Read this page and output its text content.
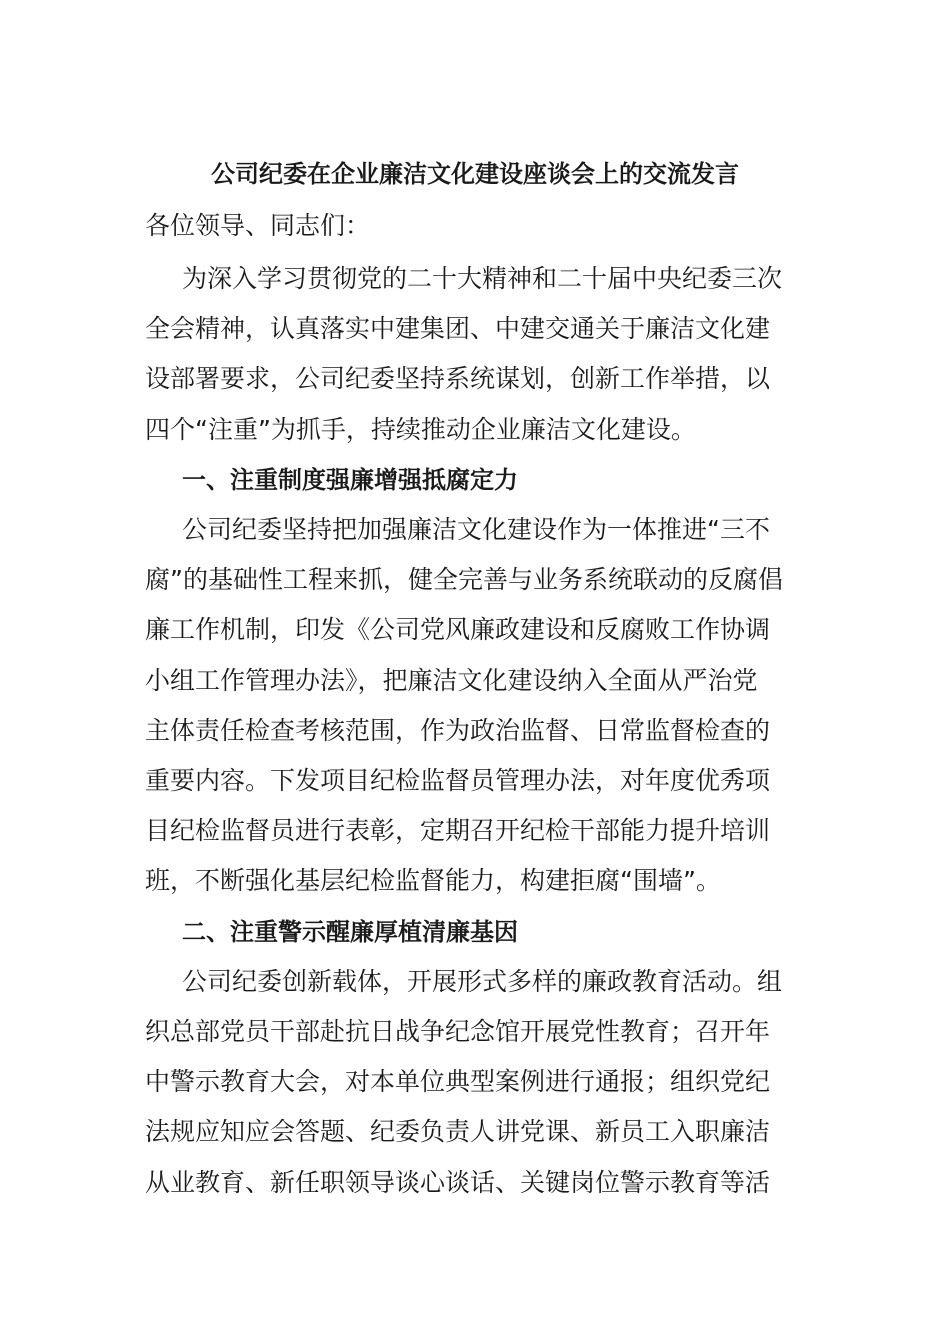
公司纪委在企业廉洁文化建设座谈会上的交流发言

各位领导、同志们：

为深入学习贯彻党的二十大精神和二十届中央纪委三次
全会精神，认真落实中建集团、中建交通关于廉洁文化建
设部署要求，公司纪委坚持系统谋划，创新工作举措，以
四个“注重”为抓手，持续推动企业廉洁文化建设。

一、注重制度强廉增强抵腐定力

公司纪委坚持把加强廉洁文化建设作为一体推进“三不
腐”的基础性工程来抓，健全完善与业务系统联动的反腐倡
廉工作机制，印发《公司党风廉政建设和反腐败工作协调
小组工作管理办法》，把廉洁文化建设纳入全面从严治党
主体责任检查考核范围，作为政治监督、日常监督检查的
重要内容。下发项目纪检监督员管理办法，对年度优秀项
目纪检监督员进行表彰，定期召开纪检干部能力提升培训
班，不断强化基层纪检监督能力，构建拒腐“围墙”。

二、注重警示醒廉厚植清廉基因

公司纪委创新载体，开展形式多样的廉政教育活动。组
织总部党员干部赴抗日战争纪念馆开展党性教育；召开年
中警示教育大会，对本单位典型案例进行通报；组织党纪
法规应知应会答题、纪委负责人讲党课、新员工入职廉洁
从业教育、新任职领导谈心谈话、关键岗位警示教育等活
